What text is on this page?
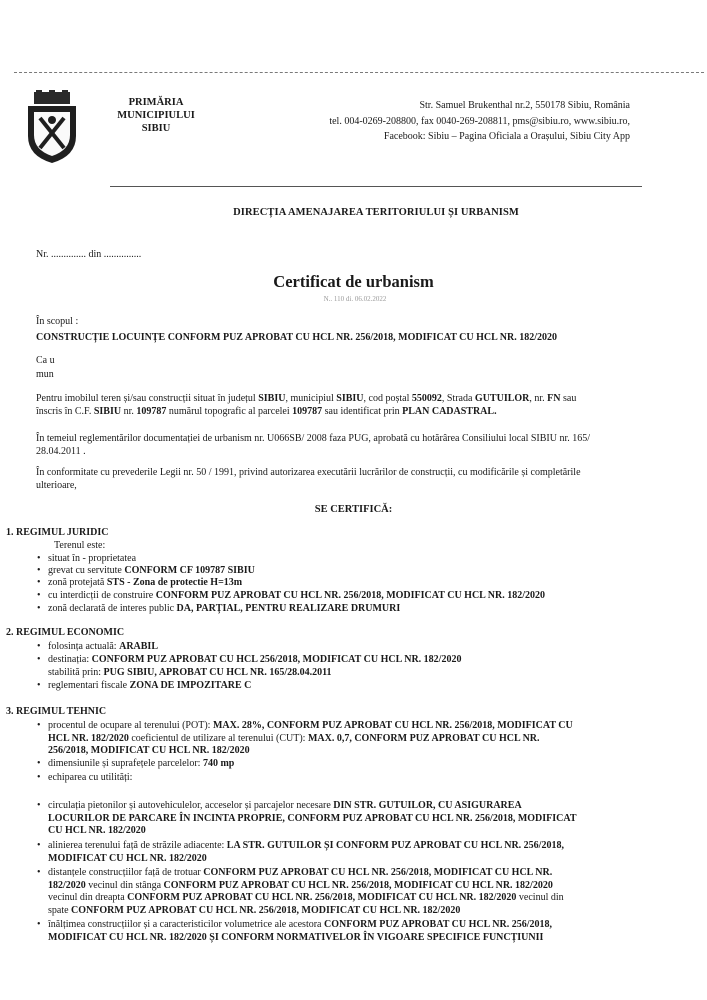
PRIMĂRIA
MUNICIPIULUI
SIBIU
Str. Samuel Brukenthal nr.2, 550178 Sibiu, România
tel. 004-0269-208800, fax 0040-269-208811, pms@sibiu.ro, www.sibiu.ro,
Facebook: Sibiu – Pagina Oficiala a Orașului, Sibiu City App
DIRECȚIA AMENAJAREA TERITORIULUI ȘI URBANISM
Nr. .............. din ...............
Certificat de urbanism
N.. 110 di. 06.02.2022
În scopul :
CONSTRUCȚIE LOCUINȚE CONFORM PUZ APROBAT CU HCL NR. 256/2018, MODIFICAT CU HCL NR. 182/2020
Ca u
mun
Pentru imobilul teren și/sau construcții situat în județul SIBIU, municipiul SIBIU, cod poștal 550092, Strada GUTUILOR, nr. FN sau
înscris în C.F. SIBIU nr. 109787 numărul topografic al parcelei 109787 sau identificat prin PLAN CADASTRAL.
În temeiul reglementărilor documentației de urbanism nr. U066SB/ 2008 faza PUG, aprobată cu hotărârea Consiliului local SIBIU nr. 165/
28.04.2011 .
În conformitate cu prevederile Legii nr. 50 / 1991, privind autorizarea executării lucrărilor de construcții, cu modificările și completările
ulterioare,
SE CERTIFICĂ:
1. REGIMUL JURIDIC
Terenul este:
• situat în - proprietatea
• grevat cu servitute CONFORM CF 109787 SIBIU
• zonă protejată STS - Zona de protectie H=13m
• cu interdicții de construire CONFORM PUZ APROBAT CU HCL NR. 256/2018, MODIFICAT CU HCL NR. 182/2020
• zonă declarată de interes public DA, PARȚIAL, PENTRU REALIZARE DRUMURI
2. REGIMUL ECONOMIC
• folosința actuală: ARABIL
• destinația: CONFORM PUZ APROBAT CU HCL 256/2018, MODIFICAT CU HCL NR. 182/2020
stabilită prin: PUG SIBIU, APROBAT CU HCL NR. 165/28.04.2011
• reglementari fiscale ZONA DE IMPOZITARE C
3. REGIMUL TEHNIC
• procentul de ocupare al terenului (POT): MAX. 28%, CONFORM PUZ APROBAT CU HCL NR. 256/2018, MODIFICAT CU
HCL NR. 182/2020 coeficientul de utilizare al terenului (CUT): MAX. 0,7, CONFORM PUZ APROBAT CU HCL NR.
256/2018, MODIFICAT CU HCL NR. 182/2020
• dimensiunile și suprafețele parcelelor: 740 mp
• echiparea cu utilități:
• circulația pietonilor și autovehiculelor, acceselor și parcajelor necesare DIN STR. GUTUILOR, CU ASIGURAREA
LOCURILOR DE PARCARE ÎN INCINTA PROPRIE, CONFORM PUZ APROBAT CU HCL NR. 256/2018, MODIFICAT
CU HCL NR. 182/2020
• alinierea terenului față de străzile adiacente: LA STR. GUTUILOR ȘI CONFORM PUZ APROBAT CU HCL NR. 256/2018,
MODIFICAT CU HCL NR. 182/2020
• distanțele construcțiilor față de trotuar CONFORM PUZ APROBAT CU HCL NR. 256/2018, MODIFICAT CU HCL NR.
182/2020 vecinul din stânga CONFORM PUZ APROBAT CU HCL NR. 256/2018, MODIFICAT CU HCL NR. 182/2020
vecinul din dreapta CONFORM PUZ APROBAT CU HCL NR. 256/2018, MODIFICAT CU HCL NR. 182/2020 vecinul din
spate CONFORM PUZ APROBAT CU HCL NR. 256/2018, MODIFICAT CU HCL NR. 182/2020
• înălțimea construcțiilor și a caracteristicilor volumetrice ale acestora CONFORM PUZ APROBAT CU HCL NR. 256/2018,
MODIFICAT CU HCL NR. 182/2020 ȘI CONFORM NORMATIVELOR ÎN VIGOARE SPECIFICE FUNCȚIUNII
